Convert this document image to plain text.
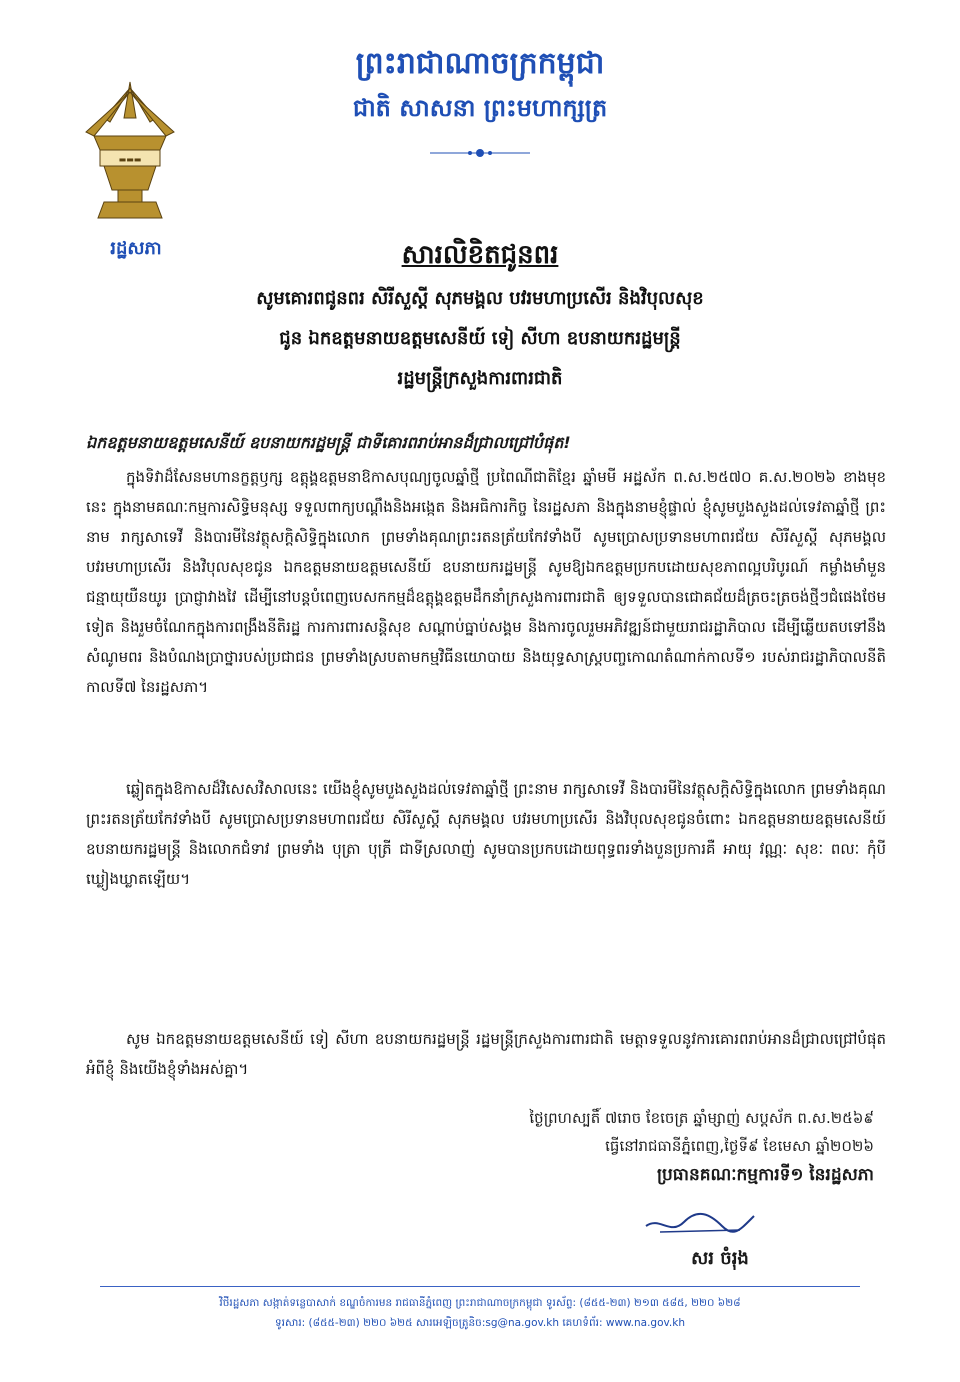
▬▬▬
រដ្ឋសភា
ព្រះរាជាណាចក្រកម្ពុជា
ជាតិ សាសនា ព្រះមហាក្សត្រ
សារលិខិតជូនពរ
សូមគោរពជូនពរ សិរីសួស្តី សុភមង្គល បវរមហាប្រសើរ និងវិបុលសុខ
ជូន ឯកឧត្តមនាយឧត្តមសេនីយ៍ ទៀ សីហា ឧបនាយករដ្ឋមន្ត្រី
រដ្ឋមន្ត្រីក្រសួងការពារជាតិ
ឯកឧត្តមនាយឧត្តមសេនីយ៍ ឧបនាយករដ្ឋមន្ត្រី ជាទីគោរពរាប់អានដ៏ជ្រាលជ្រៅបំផុត!
ក្នុងទិវាដ៏សែនមហានក្ខត្តឫក្ស ឧត្តុង្គឧត្តមនាឱកាសបុណ្យចូលឆ្នាំថ្មី ប្រពៃណីជាតិខ្មែរ ឆ្នាំមមី អដ្ឋស័ក ព.ស.២៥៧០ គ.ស.២០២៦ ខាងមុខនេះ ក្នុងនាមគណៈកម្មការសិទ្ធិមនុស្ស ទទួលពាក្យបណ្តឹងនិងអង្កេត និងអធិការកិច្ច នៃរដ្ឋសភា និងក្នុងនាមខ្ញុំផ្ទាល់ ខ្ញុំសូមបួងសួងដល់ទេវតាឆ្នាំថ្មី ព្រះនាម រាក្សសាទេវី និងបារមីនៃវត្ថុសក្តិសិទ្ធិក្នុងលោក ព្រមទាំងគុណព្រះរតនត្រ័យកែវទាំងបី សូមប្រោសប្រទានមហាពរជ័យ សិរីសួស្តី សុភមង្គល បវរមហាប្រសើរ និងវិបុលសុខជូន ឯកឧត្តមនាយឧត្តមសេនីយ៍ ឧបនាយករដ្ឋមន្ត្រី សូមឱ្យឯកឧត្តមប្រកបដោយសុខភាពល្អបរិបូរណ៍ កម្លាំងមាំមួន ជន្មាយុយឺនយូរ ប្រាជ្ញាវាងវៃ ដើម្បីនៅបន្តបំពេញបេសកកម្មដ៏ឧត្តុង្គឧត្តមដឹកនាំក្រសួងការពារជាតិ ឲ្យទទួលបានជោគជ័យដ៏ត្រចះត្រចង់ថ្មីៗជំផេងថែមទៀត និងរួមចំណែកក្នុងការពង្រឹងនីតិរដ្ឋ ការការពារសន្តិសុខ សណ្តាប់ធ្នាប់សង្គម និងការចូលរួមអភិវឌ្ឍន៍ជាមួយរាជរដ្ឋាភិបាល ដើម្បីឆ្លើយតបទៅនឹងសំណូមពរ និងបំណងប្រាថ្នារបស់ប្រជាជន ព្រមទាំងស្របតាមកម្មវិធីនយោបាយ និងយុទ្ធសាស្ត្របញ្ចកោណតំណាក់កាលទី១ របស់រាជរដ្ឋាភិបាលនីតិកាលទី៧ នៃរដ្ឋសភា។
ឆ្លៀតក្នុងឱកាសដ៏វិសេសវិសាលនេះ យើងខ្ញុំសូមបួងសួងដល់ទេវតាឆ្នាំថ្មី ព្រះនាម រាក្សសាទេវី និងបារមីនៃវត្ថុសក្តិសិទ្ធិក្នុងលោក ព្រមទាំងគុណព្រះរតនត្រ័យកែវទាំងបី សូមប្រោសប្រទានមហាពរជ័យ សិរីសួស្តី សុភមង្គល បវរមហាប្រសើរ និងវិបុលសុខជូនចំពោះ ឯកឧត្តមនាយឧត្តមសេនីយ៍ ឧបនាយករដ្ឋមន្ត្រី និងលោកជំទាវ ព្រមទាំង បុត្រា បុត្រី ជាទីស្រលាញ់ សូមបានប្រកបដោយពុទ្ធពរទាំងបួនប្រការគឺ អាយុ វណ្ណៈ សុខៈ ពលៈ កុំបីឃ្លៀងឃ្លាតឡើយ។
សូម ឯកឧត្តមនាយឧត្តមសេនីយ៍ ទៀ សីហា ឧបនាយករដ្ឋមន្ត្រី រដ្ឋមន្ត្រីក្រសួងការពារជាតិ មេត្តាទទួលនូវការគោរពរាប់អានដ៏ជ្រាលជ្រៅបំផុតអំពីខ្ញុំ និងយើងខ្ញុំទាំងអស់គ្នា។
ថ្ងៃព្រហស្បតិ៍ ៧រោច ខែចេត្រ ឆ្នាំម្សាញ់ សប្តស័ក ព.ស.២៥៦៩
ធ្វើនៅរាជធានីភ្នំពេញ,ថ្ងៃទី៩ ខែមេសា ឆ្នាំ២០២៦
ប្រធានគណៈកម្មការទី១ នៃរដ្ឋសភា
សរ ចំរុង
វិថីរដ្ឋសភា សង្កាត់ទន្លេបាសាក់ ខណ្ឌចំការមន រាជធានីភ្នំពេញ ព្រះរាជាណាចក្រកម្ពុជា ទូរស័ព្ទ: (៨៥៥-២៣) ២១៣ ៥៨៥, ២២០ ៦២៨
ទូរសារ: (៨៥៥-២៣) ២២០ ៦២៥ សារអេឡិចត្រូនិច:sg@na.gov.kh គេហទំព័រ: www.na.gov.kh
